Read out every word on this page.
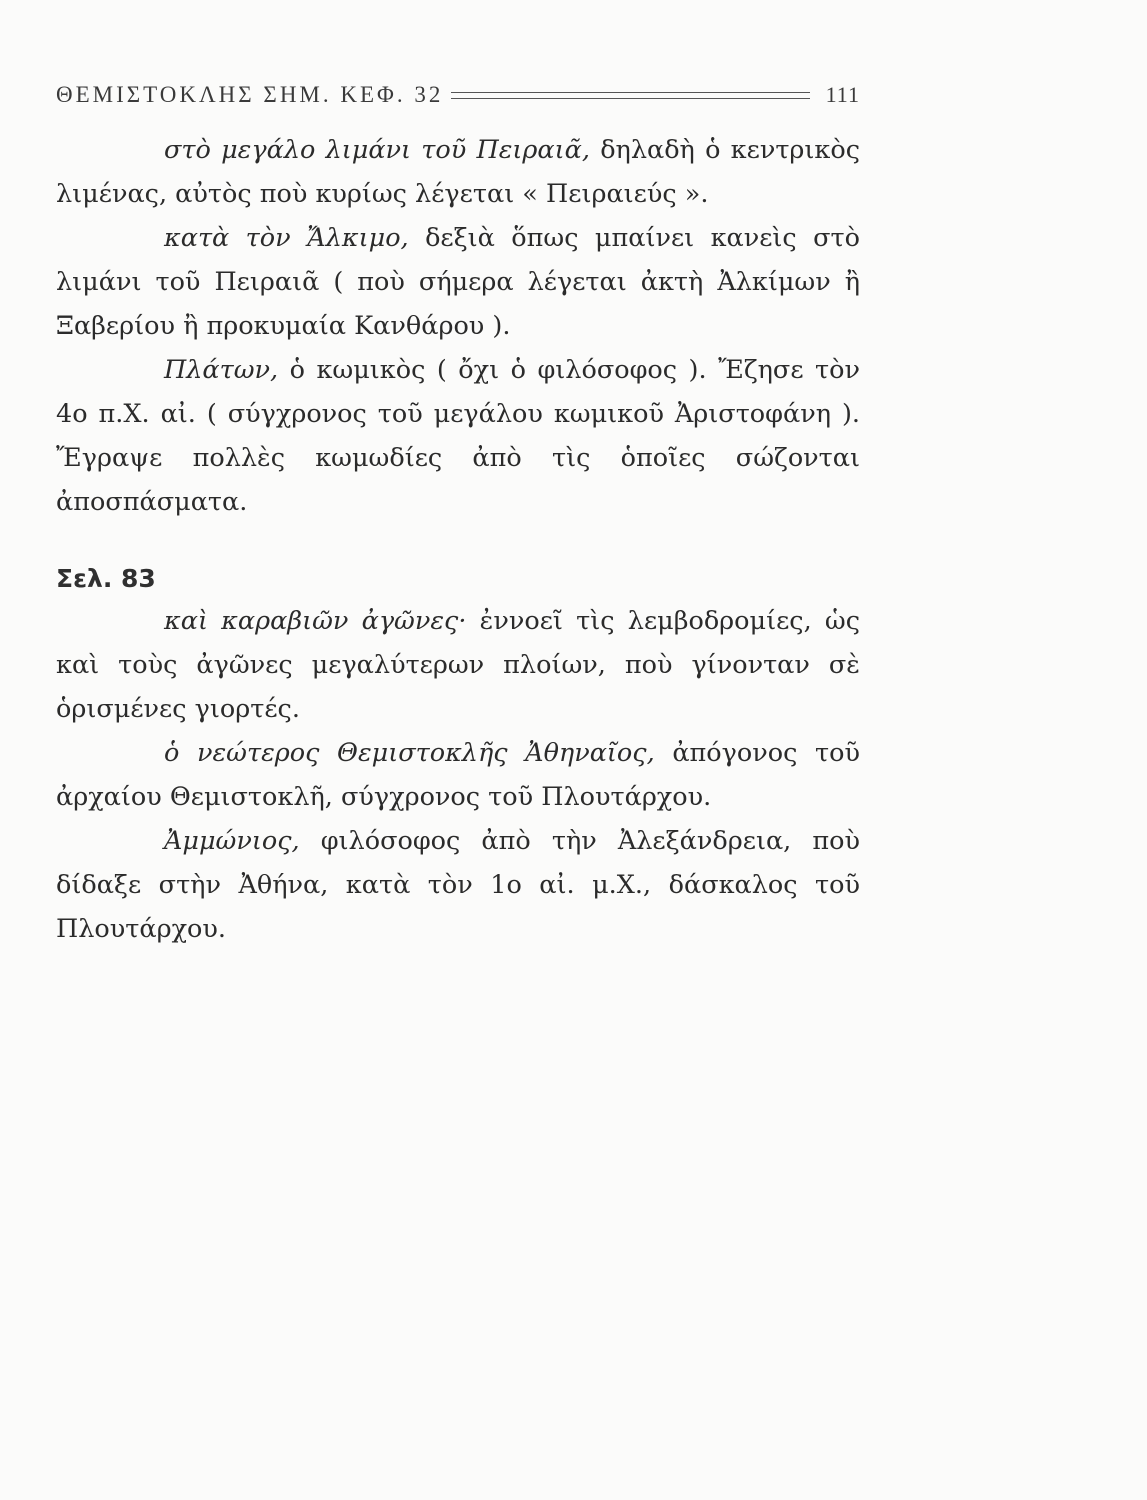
ΘΕΜΙΣΤΟΚΛΗΣ ΣΗΜ. ΚΕΦ. 32	111

στὸ μεγάλο λιμάνι τοῦ Πειραιᾶ, δηλαδὴ ὁ κεντρικὸς λιμένας, αὐτὸς ποὺ κυρίως λέγεται « Πειραιεύς ».

κατὰ τὸν Ἄλκιμο, δεξιὰ ὅπως μπαίνει κανεὶς στὸ λιμάνι τοῦ Πειραιᾶ ( ποὺ σήμερα λέγεται ἀκτὴ Ἀλκίμων ἢ Ξαβερίου ἢ προκυμαία Κανθάρου ).

Πλάτων, ὁ κωμικὸς ( ὄχι ὁ φιλόσοφος ). Ἔζησε τὸν 4ο π.Χ. αἰ. ( σύγχρονος τοῦ μεγάλου κωμικοῦ Ἀριστοφάνη ). Ἔγραψε πολλὲς κωμωδίες ἀπὸ τὶς ὁποῖες σώζονται ἀποσπάσματα.

Σελ. 83

καὶ καραβιῶν ἀγῶνες· ἐννοεῖ τὶς λεμβοδρομίες, ὡς καὶ τοὺς ἀγῶνες μεγαλύτερων πλοίων, ποὺ γίνονταν σὲ ὁρισμένες γιορτές.

ὁ νεώτερος Θεμιστοκλῆς Ἀθηναῖος, ἀπόγονος τοῦ ἀρχαίου Θεμιστοκλῆ, σύγχρονος τοῦ Πλουτάρχου.

Ἀμμώνιος, φιλόσοφος ἀπὸ τὴν Ἀλεξάνδρεια, ποὺ δίδαξε στὴν Ἀθήνα, κατὰ τὸν 1ο αἰ. μ.Χ., δάσκαλος τοῦ Πλουτάρχου.
